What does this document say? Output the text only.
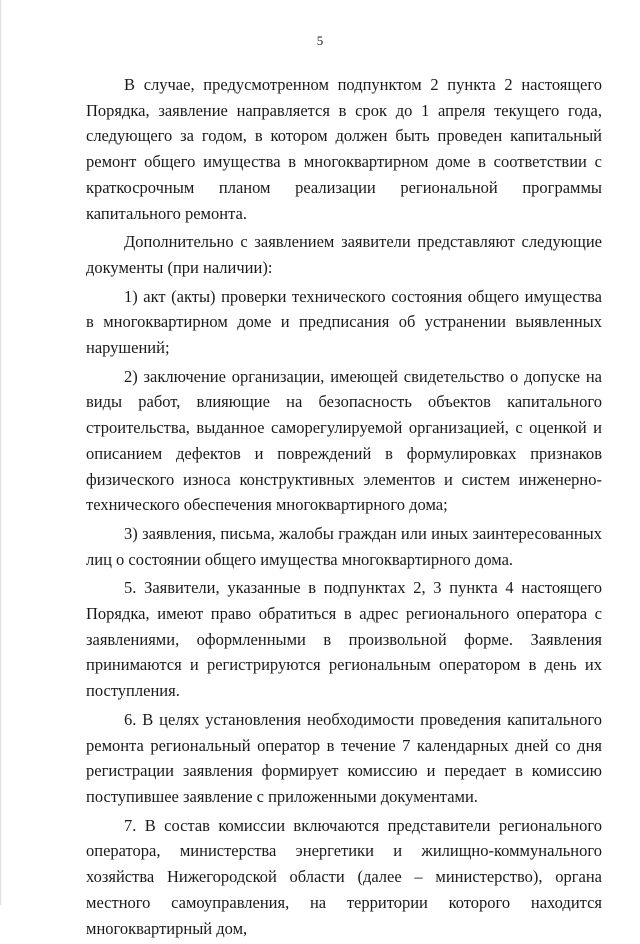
5

В случае, предусмотренном подпунктом 2 пункта 2 настоящего Порядка, заявление направляется в срок до 1 апреля текущего года, следующего за годом, в котором должен быть проведен капитальный ремонт общего имущества в многоквартирном доме в соответствии с краткосрочным планом реализации региональной программы капитального ремонта.

Дополнительно с заявлением заявители представляют следующие документы (при наличии):

1) акт (акты) проверки технического состояния общего имущества в многоквартирном доме и предписания об устранении выявленных нарушений;

2) заключение организации, имеющей свидетельство о допуске на виды работ, влияющие на безопасность объектов капитального строительства, выданное саморегулируемой организацией, с оценкой и описанием дефектов и повреждений в формулировках признаков физического износа конструктивных элементов и систем инженерно-технического обеспечения многоквартирного дома;

3) заявления, письма, жалобы граждан или иных заинтересованных лиц о состоянии общего имущества многоквартирного дома.

5. Заявители, указанные в подпунктах 2, 3 пункта 4 настоящего Порядка, имеют право обратиться в адрес регионального оператора с заявлениями, оформленными в произвольной форме. Заявления принимаются и регистрируются региональным оператором в день их поступления.

6. В целях установления необходимости проведения капитального ремонта региональный оператор в течение 7 календарных дней со дня регистрации заявления формирует комиссию и передает в комиссию поступившее заявление с приложенными документами.

7. В состав комиссии включаются представители регионального оператора, министерства энергетики и жилищно-коммунального хозяйства Нижегородской области (далее – министерство), органа местного самоуправления, на территории которого находится многоквартирный дом,
